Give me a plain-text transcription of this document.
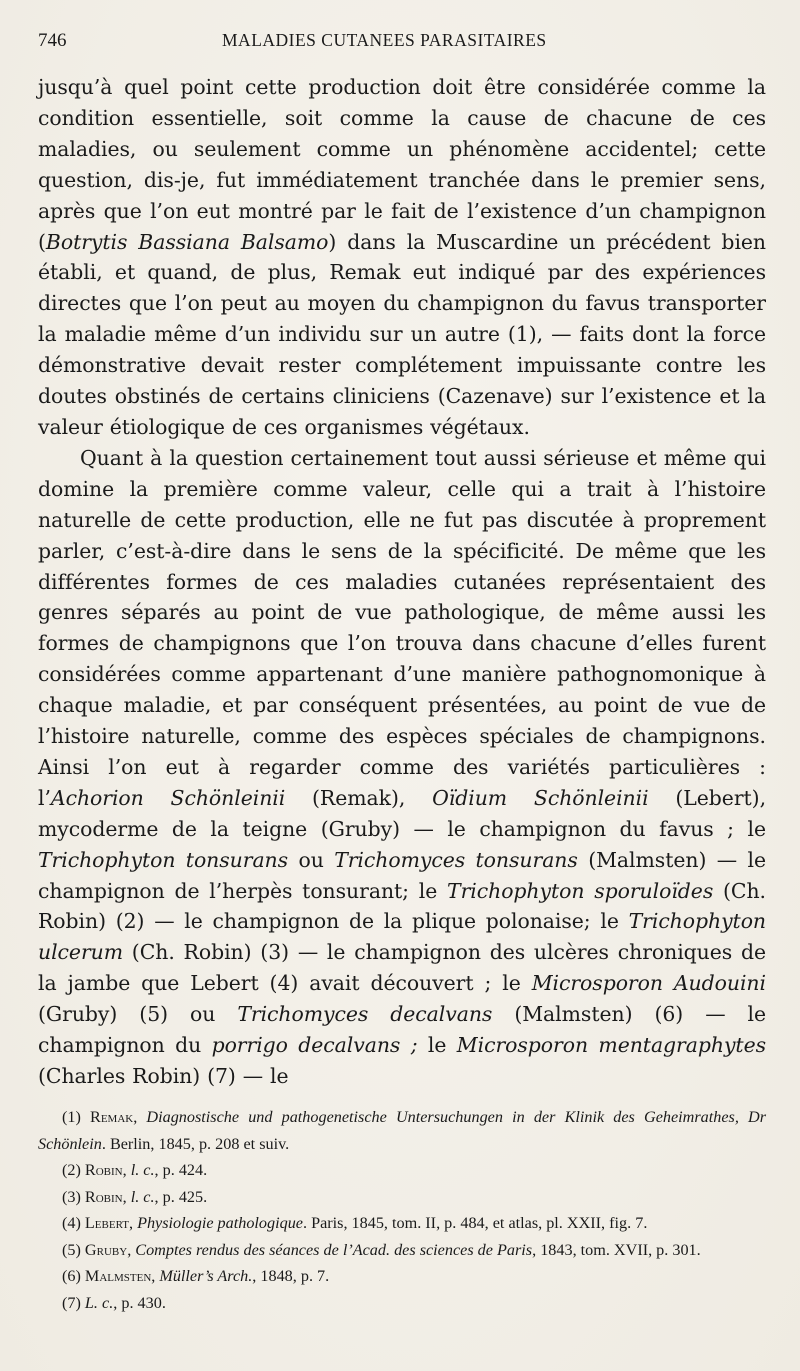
746	MALADIES CUTANEES PARASITAIRES

jusqu’à quel point cette production doit être considérée comme la condition essentielle, soit comme la cause de chacune de ces maladies, ou seulement comme un phénomène accidentel; cette question, dis-je, fut immédiatement tranchée dans le premier sens, après que l’on eut montré par le fait de l’existence d’un champignon (Botrytis Bassiana Balsamo) dans la Muscardine un précédent bien établi, et quand, de plus, Remak eut indiqué par des expériences directes que l’on peut au moyen du champignon du favus transporter la maladie même d’un individu sur un autre (1), — faits dont la force démonstrative devait rester complétement impuissante contre les doutes obstinés de certains cliniciens (Cazenave) sur l’existence et la valeur étiologique de ces organismes végétaux.

Quant à la question certainement tout aussi sérieuse et même qui domine la première comme valeur, celle qui a trait à l’histoire naturelle de cette production, elle ne fut pas discutée à proprement parler, c’est-à-dire dans le sens de la spécificité. De même que les différentes formes de ces maladies cutanées représentaient des genres séparés au point de vue pathologique, de même aussi les formes de champignons que l’on trouva dans chacune d’elles furent considérées comme appartenant d’une manière pathognomonique à chaque maladie, et par conséquent présentées, au point de vue de l’histoire naturelle, comme des espèces spéciales de champignons. Ainsi l’on eut à regarder comme des variétés particulières : l’Achorion Schönleinii (Remak), Oïdium Schönleinii (Lebert), mycoderme de la teigne (Gruby) — le champignon du favus ; le Trichophyton tonsurans ou Trichomyces tonsurans (Malmsten) — le champignon de l’herpès tonsurant; le Trichophyton sporuloïdes (Ch. Robin) (2) — le champignon de la plique polonaise; le Trichophyton ulcerum (Ch. Robin) (3) — le champignon des ulcères chroniques de la jambe que Lebert (4) avait découvert ; le Microsporon Audouini (Gruby) (5) ou Trichomyces decalvans (Malmsten) (6) — le champignon du porrigo decalvans ; le Microsporon mentagraphytes (Charles Robin) (7) — le

(1) Remak, Diagnostische und pathogenetische Untersuchungen in der Klinik des Geheimrathes, Dr Schönlein. Berlin, 1845, p. 208 et suiv.

(2) Robin, l. c., p. 424.

(3) Robin, l. c., p. 425.

(4) Lebert, Physiologie pathologique. Paris, 1845, tom. II, p. 484, et atlas, pl. XXII, fig. 7.

(5) Gruby, Comptes rendus des séances de l’Acad. des sciences de Paris, 1843, tom. XVII, p. 301.

(6) Malmsten, Müller’s Arch., 1848, p. 7.

(7) L. c., p. 430.
